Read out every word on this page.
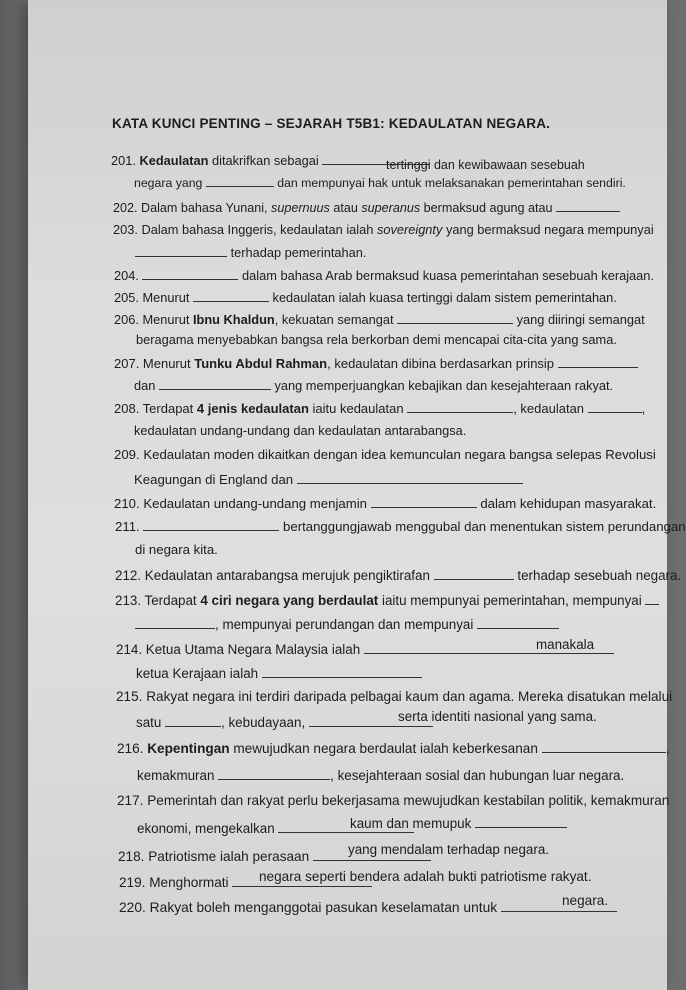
KATA KUNCI PENTING – SEJARAH T5B1: KEDAULATAN NEGARA.
201. Kedaulatan ditakrifkan sebagai	tertinggi dan kewibawaan sesebuah
negara yang	dan mempunyai hak untuk melaksanakan pemerintahan sendiri.
202. Dalam bahasa Yunani, supernuus atau superanus bermaksud agung atau
203. Dalam bahasa Inggeris, kedaulatan ialah sovereignty yang bermaksud negara mempunyai
terhadap pemerintahan.
204.	dalam bahasa Arab bermaksud kuasa pemerintahan sesebuah kerajaan.
205. Menurut	kedaulatan ialah kuasa tertinggi dalam sistem pemerintahan.
206. Menurut Ibnu Khaldun, kekuatan semangat	yang diiringi semangat
beragama menyebabkan bangsa rela berkorban demi mencapai cita-cita yang sama.
207. Menurut Tunku Abdul Rahman, kedaulatan dibina berdasarkan prinsip
dan	yang memperjuangkan kebajikan dan kesejahteraan rakyat.
208. Terdapat 4 jenis kedaulatan iaitu kedaulatan	, kedaulatan	,
kedaulatan undang-undang dan kedaulatan antarabangsa.
209. Kedaulatan moden dikaitkan dengan idea kemunculan negara bangsa selepas Revolusi
Keagungan di England dan
210. Kedaulatan undang-undang menjamin	dalam kehidupan masyarakat.
211.	bertanggungjawab menggubal dan menentukan sistem perundangan
di negara kita.
212. Kedaulatan antarabangsa merujuk pengiktirafan	terhadap sesebuah negara.
213. Terdapat 4 ciri negara yang berdaulat iaitu mempunyai pemerintahan, mempunyai
, mempunyai perundangan dan mempunyai
214. Ketua Utama Negara Malaysia ialah	manakala
ketua Kerajaan ialah
215. Rakyat negara ini terdiri daripada pelbagai kaum dan agama. Mereka disatukan melalui
satu	, kebudayaan,	serta identiti nasional yang sama.
216. Kepentingan mewujudkan negara berdaulat ialah keberkesanan	,
kemakmuran	, kesejahteraan sosial dan hubungan luar negara.
217. Pemerintah dan rakyat perlu bekerjasama mewujudkan kestabilan politik, kemakmuran
ekonomi, mengekalkan	kaum dan memupuk
218. Patriotisme ialah perasaan	yang mendalam terhadap negara.
219. Menghormati	negara seperti bendera adalah bukti patriotisme rakyat.
220. Rakyat boleh menganggotai pasukan keselamatan untuk	negara.
